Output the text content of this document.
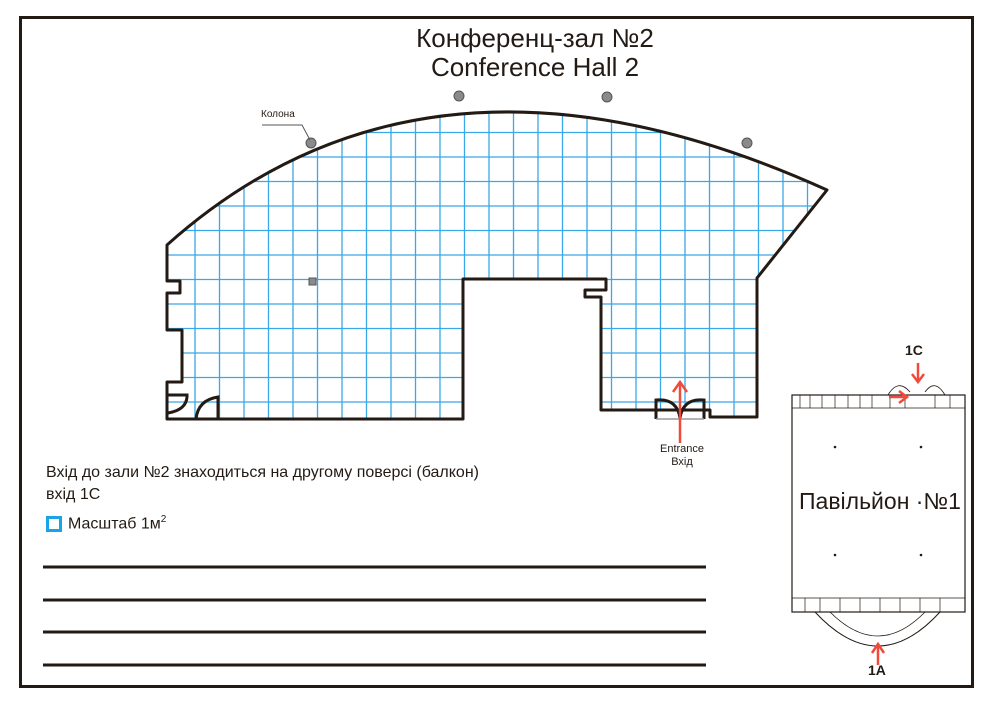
Конференц-зал №2
Conference Hall 2
Колона
Entrance
Вхід
Вхід до зали №2 знаходиться на другому поверсі (балкон)
вхід 1С
Масштаб $1м^2$
Павільйон ·№1
1C
1A
